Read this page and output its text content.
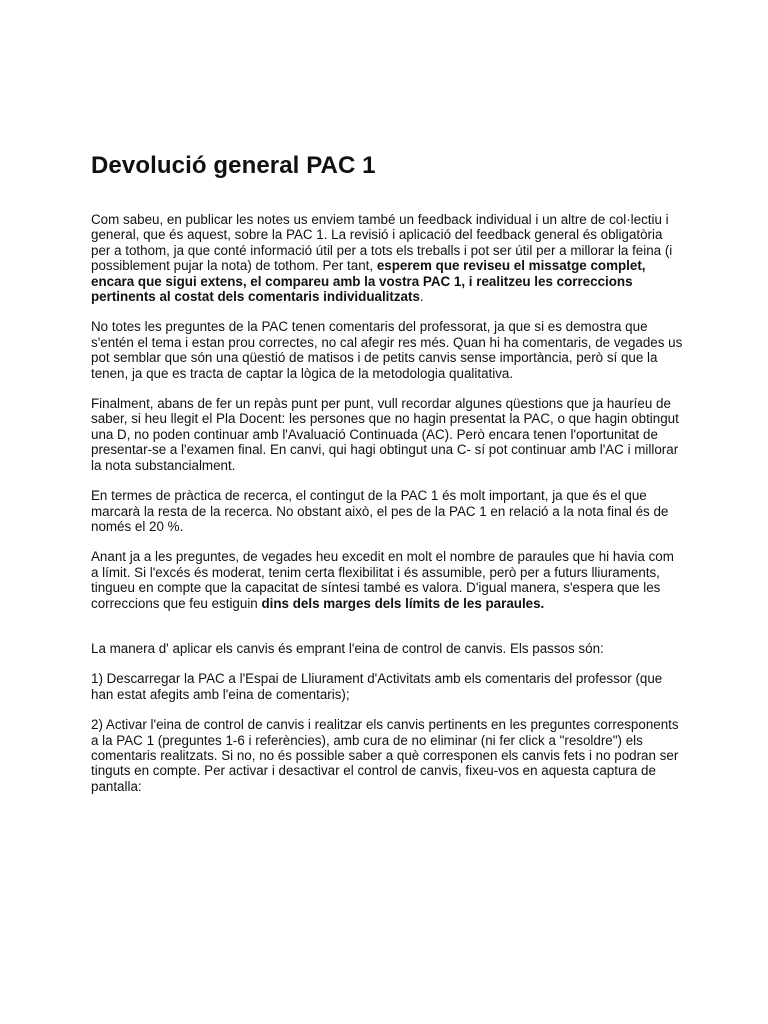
Devolució general PAC 1

Com sabeu, en publicar les notes us enviem també un feedback individual i un altre de col·lectiu i general, que és aquest, sobre la PAC 1. La revisió i aplicació del feedback general és obligatòria per a tothom, ja que conté informació útil per a tots els treballs i pot ser útil per a millorar la feina (i possiblement pujar la nota) de tothom. Per tant, esperem que reviseu el missatge complet, encara que sigui extens, el compareu amb la vostra PAC 1, i realitzeu les correccions pertinents al costat dels comentaris individualitzats.

No totes les preguntes de la PAC tenen comentaris del professorat, ja que si es demostra que s'entén el tema i estan prou correctes, no cal afegir res més. Quan hi ha comentaris, de vegades us pot semblar que són una qüestió de matisos i de petits canvis sense importància, però sí que la tenen, ja que es tracta de captar la lògica de la metodologia qualitativa.

Finalment, abans de fer un repàs punt per punt, vull recordar algunes qüestions que ja hauríeu de saber, si heu llegit el Pla Docent: les persones que no hagin presentat la PAC, o que hagin obtingut una D, no poden continuar amb l'Avaluació Continuada (AC). Però encara tenen l'oportunitat de presentar-se a l'examen final. En canvi, qui hagi obtingut una C- sí pot continuar amb l'AC i millorar la nota substancialment.

En termes de pràctica de recerca, el contingut de la PAC 1 és molt important, ja que és el que marcarà la resta de la recerca. No obstant això, el pes de la PAC 1 en relació a la nota final és de només el 20 %.

Anant ja a les preguntes, de vegades heu excedit en molt el nombre de paraules que hi havia com a límit. Si l'excés és moderat, tenim certa flexibilitat i és assumible, però per a futurs lliuraments, tingueu en compte que la capacitat de síntesi també es valora. D'igual manera, s'espera que les correccions que feu estiguin dins dels marges dels límits de les paraules.

La manera d' aplicar els canvis és emprant l'eina de control de canvis. Els passos són:

1) Descarregar la PAC a l'Espai de Lliurament d'Activitats amb els comentaris del professor (que han estat afegits amb l'eina de comentaris);

2) Activar l'eina de control de canvis i realitzar els canvis pertinents en les preguntes corresponents a la PAC 1 (preguntes 1-6 i referències), amb cura de no eliminar (ni fer click a "resoldre") els comentaris realitzats. Si no, no és possible saber a què corresponen els canvis fets i no podran ser tinguts en compte. Per activar i desactivar el control de canvis, fixeu-vos en aquesta captura de pantalla:
